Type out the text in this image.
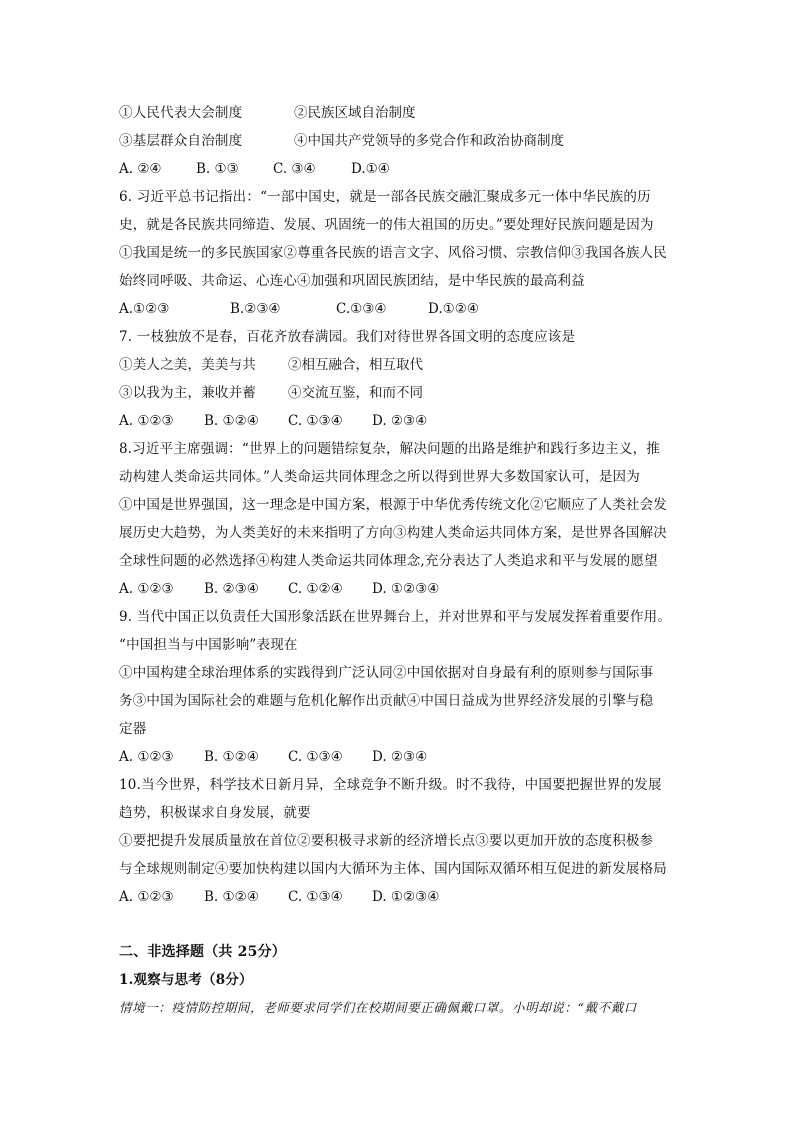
①人民代表大会制度	②民族区域自治制度
③基层群众自治制度	④中国共产党领导的多党合作和政治协商制度
A. ②④	B. ①③	C. ③④	D.①④
6. 习近平总书记指出：“一部中国史，就是一部各民族交融汇聚成多元一体中华民族的历
史，就是各民族共同缔造、发展、巩固统一的伟大祖国的历史。”要处理好民族问题是因为
①我国是统一的多民族国家②尊重各民族的语言文字、风俗习惯、宗教信仰③我国各族人民
始终同呼吸、共命运、心连心④加强和巩固民族团结，是中华民族的最高利益
A.①②③	B.②③④	C.①③④	D.①②④
7. 一枝独放不是春，百花齐放春满园。我们对待世界各国文明的态度应该是
①美人之美，美美与共 ②相互融合，相互取代
③以我为主，兼收并蓄 ④交流互鉴，和而不同
A. ①②③ B. ①②④ C. ①③④ D. ②③④
8.习近平主席强调：“世界上的问题错综复杂，解决问题的出路是维护和践行多边主义，推
动构建人类命运共同体。”人类命运共同体理念之所以得到世界大多数国家认可，是因为
①中国是世界强国，这一理念是中国方案，根源于中华优秀传统文化②它顺应了人类社会发
展历史大趋势，为人类美好的未来指明了方向③构建人类命运共同体方案，是世界各国解决
全球性问题的必然选择④构建人类命运共同体理念,充分表达了人类追求和平与发展的愿望
A. ①②③ B. ②③④ C. ①②④ D. ①②③④
9. 当代中国正以负责任大国形象活跃在世界舞台上，并对世界和平与发展发挥着重要作用。
“中国担当与中国影响”表现在
①中国构建全球治理体系的实践得到广泛认同②中国依据对自身最有利的原则参与国际事
务③中国为国际社会的难题与危机化解作出贡献④中国日益成为世界经济发展的引擎与稳
定器
A. ①②③ B. ①②④ C. ①③④ D. ②③④
10.当今世界，科学技术日新月异，全球竞争不断升级。时不我待，中国要把握世界的发展
趋势，积极谋求自身发展，就要
①要把提升发展质量放在首位②要积极寻求新的经济增长点③要以更加开放的态度积极参
与全球规则制定④要加快构建以国内大循环为主体、国内国际双循环相互促进的新发展格局
A. ①②③ B. ①②④ C. ①③④ D. ①②③④
二、非选择题（共 25分）
1.观察与思考（8分）
情境一：疫情防控期间，老师要求同学们在校期间要正确佩戴口罩。小明却说：“戴不戴口
